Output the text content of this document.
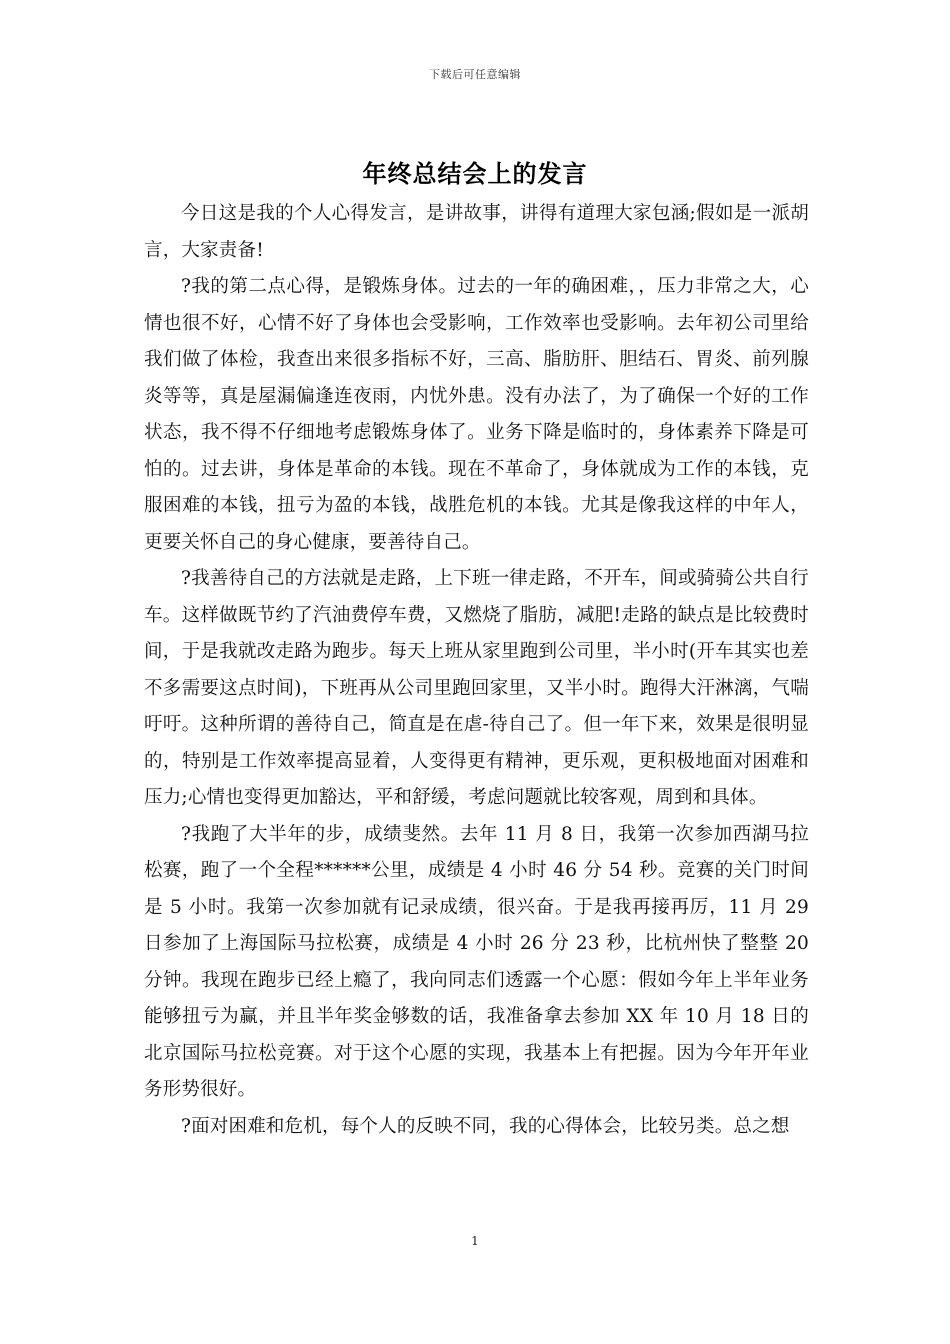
下载后可任意编辑
年终总结会上的发言

今日这是我的个人心得发言，是讲故事，讲得有道理大家包涵;假如是一派胡言，大家责备!

?我的第二点心得，是锻炼身体。过去的一年的确困难，，压力非常之大，心情也很不好，心情不好了身体也会受影响，工作效率也受影响。去年初公司里给我们做了体检，我查出来很多指标不好，三高、脂肪肝、胆结石、胃炎、前列腺炎等等，真是屋漏偏逢连夜雨，内忧外患。没有办法了，为了确保一个好的工作状态，我不得不仔细地考虑锻炼身体了。业务下降是临时的，身体素养下降是可怕的。过去讲，身体是革命的本钱。现在不革命了，身体就成为工作的本钱，克服困难的本钱，扭亏为盈的本钱，战胜危机的本钱。尤其是像我这样的中年人，更要关怀自己的身心健康，要善待自己。

?我善待自己的方法就是走路，上下班一律走路，不开车，间或骑骑公共自行车。这样做既节约了汽油费停车费，又燃烧了脂肪，减肥!走路的缺点是比较费时间，于是我就改走路为跑步。每天上班从家里跑到公司里，半小时(开车其实也差不多需要这点时间)，下班再从公司里跑回家里，又半小时。跑得大汗淋漓，气喘吁吁。这种所谓的善待自己，简直是在虐-待自己了。但一年下来，效果是很明显的，特别是工作效率提高显着，人变得更有精神，更乐观，更积极地面对困难和压力;心情也变得更加豁达，平和舒缓，考虑问题就比较客观，周到和具体。

?我跑了大半年的步，成绩斐然。去年 11 月 8 日，我第一次参加西湖马拉松赛，跑了一个全程******公里，成绩是 4 小时 46 分 54 秒。竞赛的关门时间是 5 小时。我第一次参加就有记录成绩，很兴奋。于是我再接再厉，11 月 29 日参加了上海国际马拉松赛，成绩是 4 小时 26 分 23 秒，比杭州快了整整 20 分钟。我现在跑步已经上瘾了，我向同志们透露一个心愿：假如今年上半年业务能够扭亏为赢，并且半年奖金够数的话，我准备拿去参加 XX 年 10 月 18 日的北京国际马拉松竞赛。对于这个心愿的实现，我基本上有把握。因为今年开年业务形势很好。

?面对困难和危机，每个人的反映不同，我的心得体会，比较另类。总之想

1
